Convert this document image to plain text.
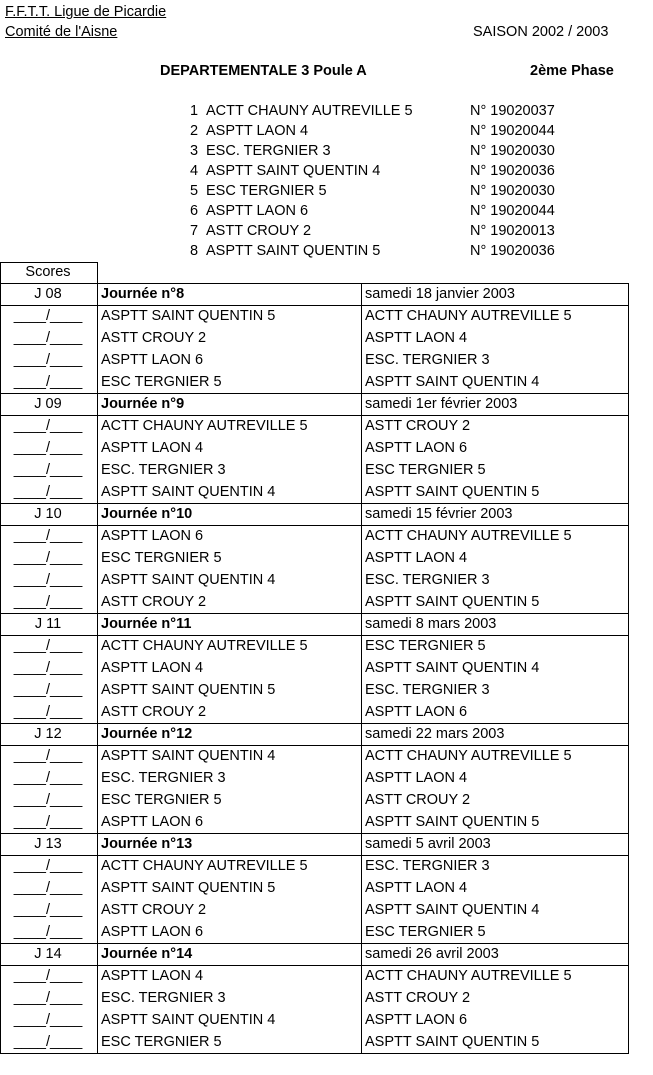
F.F.T.T. Ligue de Picardie
Comité de l'Aisne	SAISON 2002 / 2003
DEPARTEMENTALE 3 Poule A	2ème Phase
1 ACTT CHAUNY AUTREVILLE 5	N° 19020037
2 ASPTT LAON 4	N° 19020044
3 ESC. TERGNIER 3	N° 19020030
4 ASPTT SAINT QUENTIN 4	N° 19020036
5 ESC TERGNIER 5	N° 19020030
6 ASPTT LAON 6	N° 19020044
7 ASTT CROUY 2	N° 19020013
8 ASPTT SAINT QUENTIN 5	N° 19020036
Scores
J 08	Journée n°8	samedi 18 janvier 2003
____/____	ASPTT SAINT QUENTIN 5	ACTT CHAUNY AUTREVILLE 5
____/____	ASTT CROUY 2	ASPTT LAON 4
____/____	ASPTT LAON 6	ESC. TERGNIER 3
____/____	ESC TERGNIER 5	ASPTT SAINT QUENTIN 4
J 09	Journée n°9	samedi 1er février 2003
____/____	ACTT CHAUNY AUTREVILLE 5	ASTT CROUY 2
____/____	ASPTT LAON 4	ASPTT LAON 6
____/____	ESC. TERGNIER 3	ESC TERGNIER 5
____/____	ASPTT SAINT QUENTIN 4	ASPTT SAINT QUENTIN 5
J 10	Journée n°10	samedi 15 février 2003
____/____	ASPTT LAON 6	ACTT CHAUNY AUTREVILLE 5
____/____	ESC TERGNIER 5	ASPTT LAON 4
____/____	ASPTT SAINT QUENTIN 4	ESC. TERGNIER 3
____/____	ASTT CROUY 2	ASPTT SAINT QUENTIN 5
J 11	Journée n°11	samedi 8 mars 2003
____/____	ACTT CHAUNY AUTREVILLE 5	ESC TERGNIER 5
____/____	ASPTT LAON 4	ASPTT SAINT QUENTIN 4
____/____	ASPTT SAINT QUENTIN 5	ESC. TERGNIER 3
____/____	ASTT CROUY 2	ASPTT LAON 6
J 12	Journée n°12	samedi 22 mars 2003
____/____	ASPTT SAINT QUENTIN 4	ACTT CHAUNY AUTREVILLE 5
____/____	ESC. TERGNIER 3	ASPTT LAON 4
____/____	ESC TERGNIER 5	ASTT CROUY 2
____/____	ASPTT LAON 6	ASPTT SAINT QUENTIN 5
J 13	Journée n°13	samedi 5 avril 2003
____/____	ACTT CHAUNY AUTREVILLE 5	ESC. TERGNIER 3
____/____	ASPTT SAINT QUENTIN 5	ASPTT LAON 4
____/____	ASTT CROUY 2	ASPTT SAINT QUENTIN 4
____/____	ASPTT LAON 6	ESC TERGNIER 5
J 14	Journée n°14	samedi 26 avril 2003
____/____	ASPTT LAON 4	ACTT CHAUNY AUTREVILLE 5
____/____	ESC. TERGNIER 3	ASTT CROUY 2
____/____	ASPTT SAINT QUENTIN 4	ASPTT LAON 6
____/____	ESC TERGNIER 5	ASPTT SAINT QUENTIN 5
